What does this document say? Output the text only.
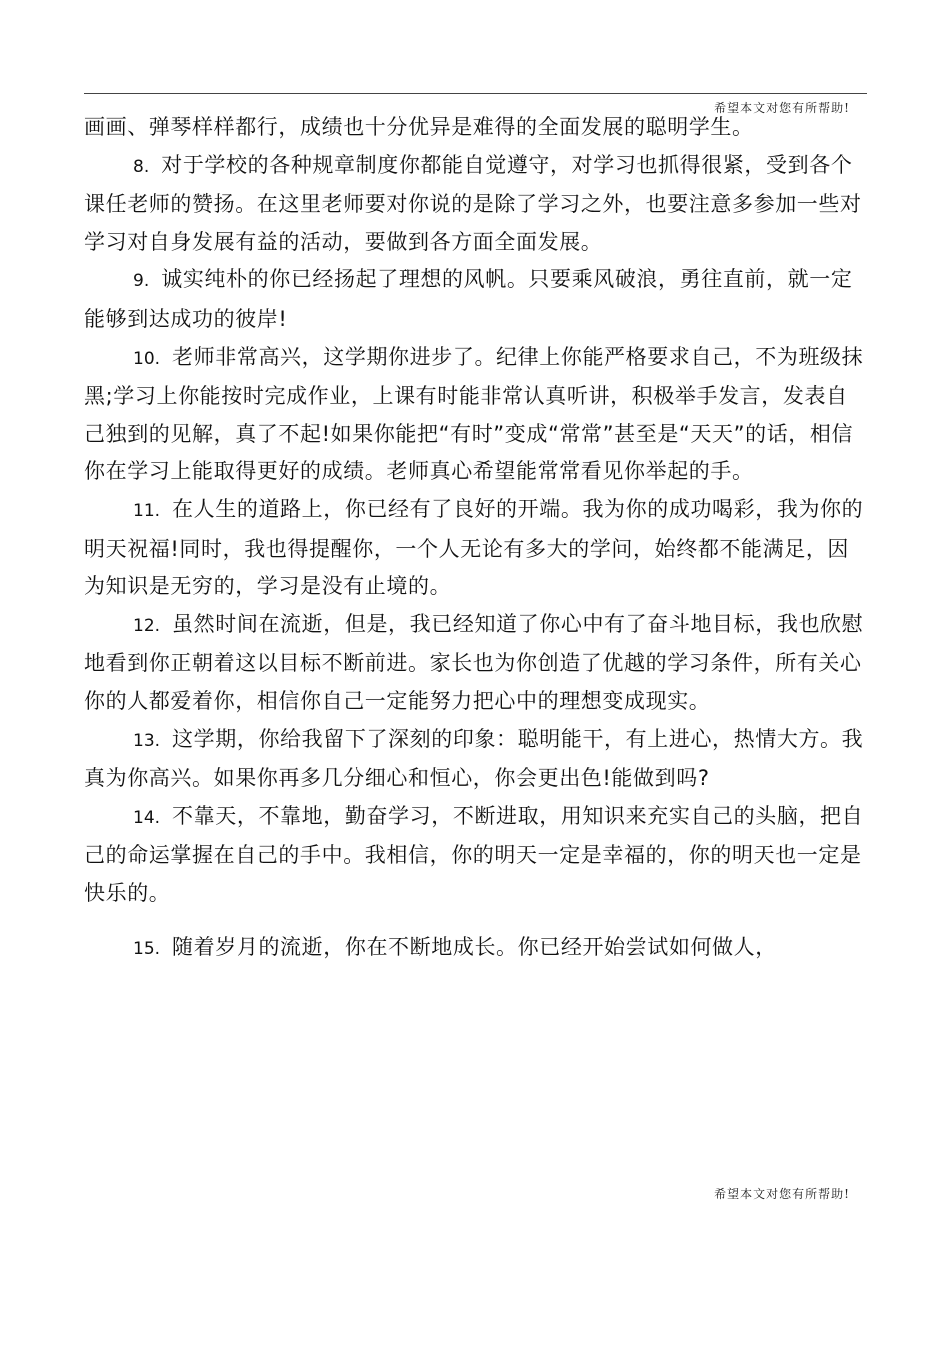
希望本文对您有所帮助!

画画、弹琴样样都行，成绩也十分优异是难得的全面发展的聪明学生。

8. 对于学校的各种规章制度你都能自觉遵守，对学习也抓得很紧，受到各个课任老师的赞扬。在这里老师要对你说的是除了学习之外，也要注意多参加一些对学习对自身发展有益的活动，要做到各方面全面发展。

9. 诚实纯朴的你已经扬起了理想的风帆。只要乘风破浪，勇往直前，就一定能够到达成功的彼岸!

10. 老师非常高兴，这学期你进步了。纪律上你能严格要求自己，不为班级抹黑;学习上你能按时完成作业，上课有时能非常认真听讲，积极举手发言，发表自己独到的见解，真了不起!如果你能把“有时”变成“常常”甚至是“天天”的话，相信你在学习上能取得更好的成绩。老师真心希望能常常看见你举起的手。

11. 在人生的道路上，你已经有了良好的开端。我为你的成功喝彩，我为你的明天祝福!同时，我也得提醒你，一个人无论有多大的学问，始终都不能满足，因为知识是无穷的，学习是没有止境的。

12. 虽然时间在流逝，但是，我已经知道了你心中有了奋斗地目标，我也欣慰地看到你正朝着这以目标不断前进。家长也为你创造了优越的学习条件，所有关心你的人都爱着你，相信你自己一定能努力把心中的理想变成现实。

13. 这学期，你给我留下了深刻的印象：聪明能干，有上进心，热情大方。我真为你高兴。如果你再多几分细心和恒心，你会更出色!能做到吗?

14. 不靠天，不靠地，勤奋学习，不断进取，用知识来充实自己的头脑，把自己的命运掌握在自己的手中。我相信，你的明天一定是幸福的，你的明天也一定是快乐的。

15. 随着岁月的流逝，你在不断地成长。你已经开始尝试如何做人，

希望本文对您有所帮助!
